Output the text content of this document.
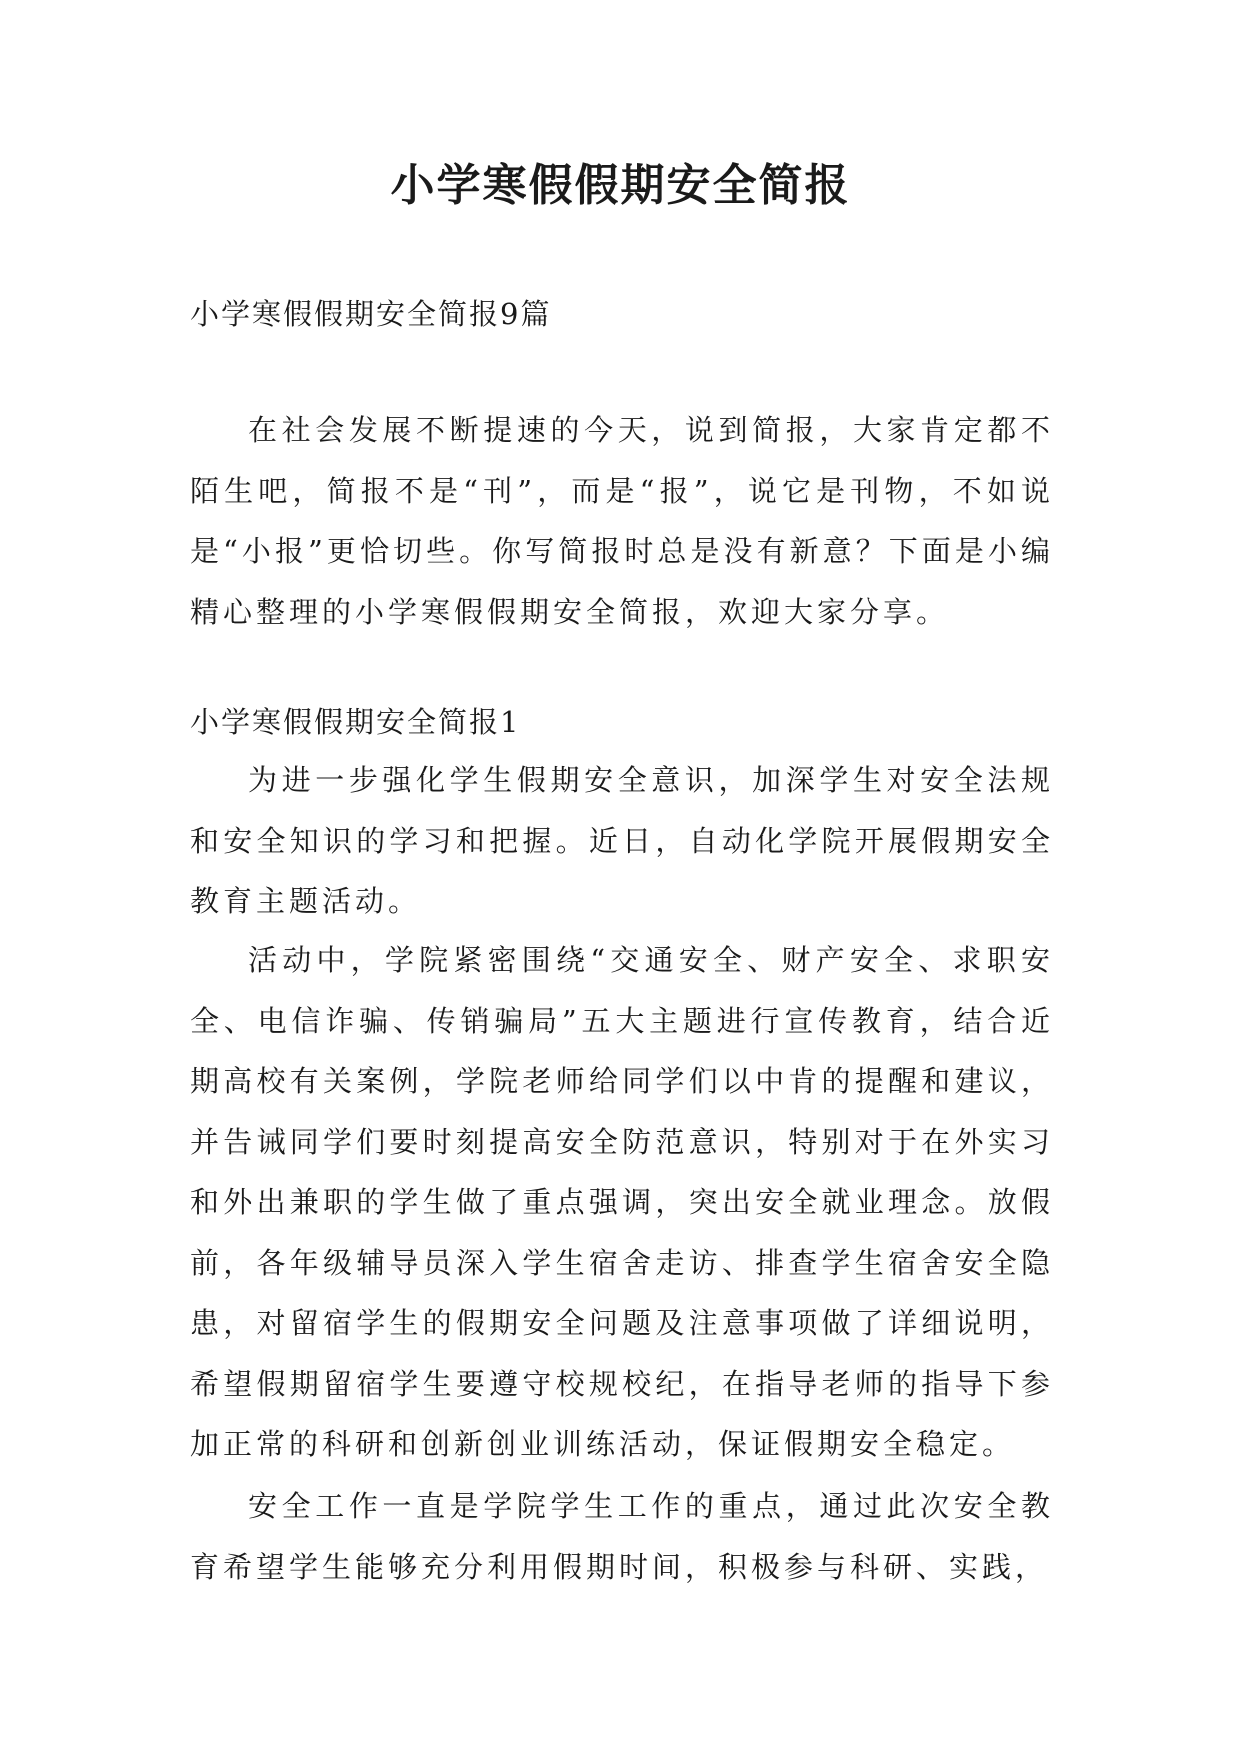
小学寒假假期安全简报

小学寒假假期安全简报9篇

在社会发展不断提速的今天，说到简报，大家肯定都不陌生吧，简报不是“刊”，而是“报”，说它是刊物，不如说是“小报”更恰切些。你写简报时总是没有新意？下面是小编精心整理的小学寒假假期安全简报，欢迎大家分享。

小学寒假假期安全简报1

为进一步强化学生假期安全意识，加深学生对安全法规和安全知识的学习和把握。近日，自动化学院开展假期安全教育主题活动。

活动中，学院紧密围绕“交通安全、财产安全、求职安全、电信诈骗、传销骗局”五大主题进行宣传教育，结合近期高校有关案例，学院老师给同学们以中肯的提醒和建议，并告诫同学们要时刻提高安全防范意识，特别对于在外实习和外出兼职的学生做了重点强调，突出安全就业理念。放假前，各年级辅导员深入学生宿舍走访、排查学生宿舍安全隐患，对留宿学生的假期安全问题及注意事项做了详细说明，希望假期留宿学生要遵守校规校纪，在指导老师的指导下参加正常的科研和创新创业训练活动，保证假期安全稳定。

安全工作一直是学院学生工作的重点，通过此次安全教育希望学生能够充分利用假期时间，积极参与科研、实践，
